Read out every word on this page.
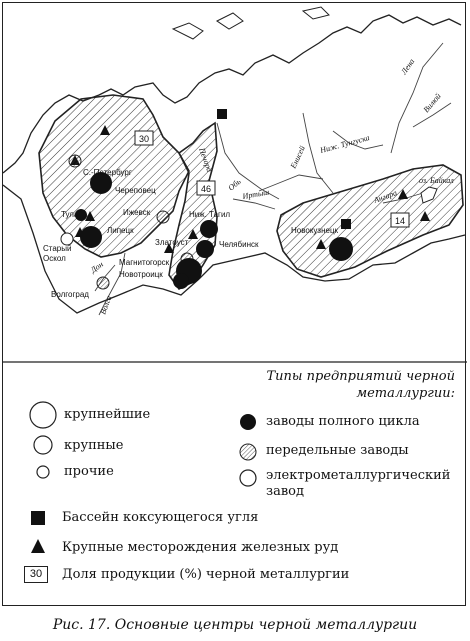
Лена
Вилюй
Ниж. Тунгуска
Енисей
Ангара
Обь
Иртыш
Печора
Дон
Волга
оз. Байкал
30
46
14
С.-Петербург
Череповец
Тула	Ижевск
Старый Оскол
Липецк
Златоуст
Ниж. Тагил
Челябинск
Магнитогорск
Новотроицк
Волгоград
Новокузнецк
Типы предприятий черной металлургии:
крупнейшие
крупные
прочие
заводы полного цикла
передельные заводы
электрометаллургический завод
Бассейн коксующегося угля
Крупные месторождения железных руд
30	Доля продукции (%) черной металлургии
Рис. 17. Основные центры черной металлургии
